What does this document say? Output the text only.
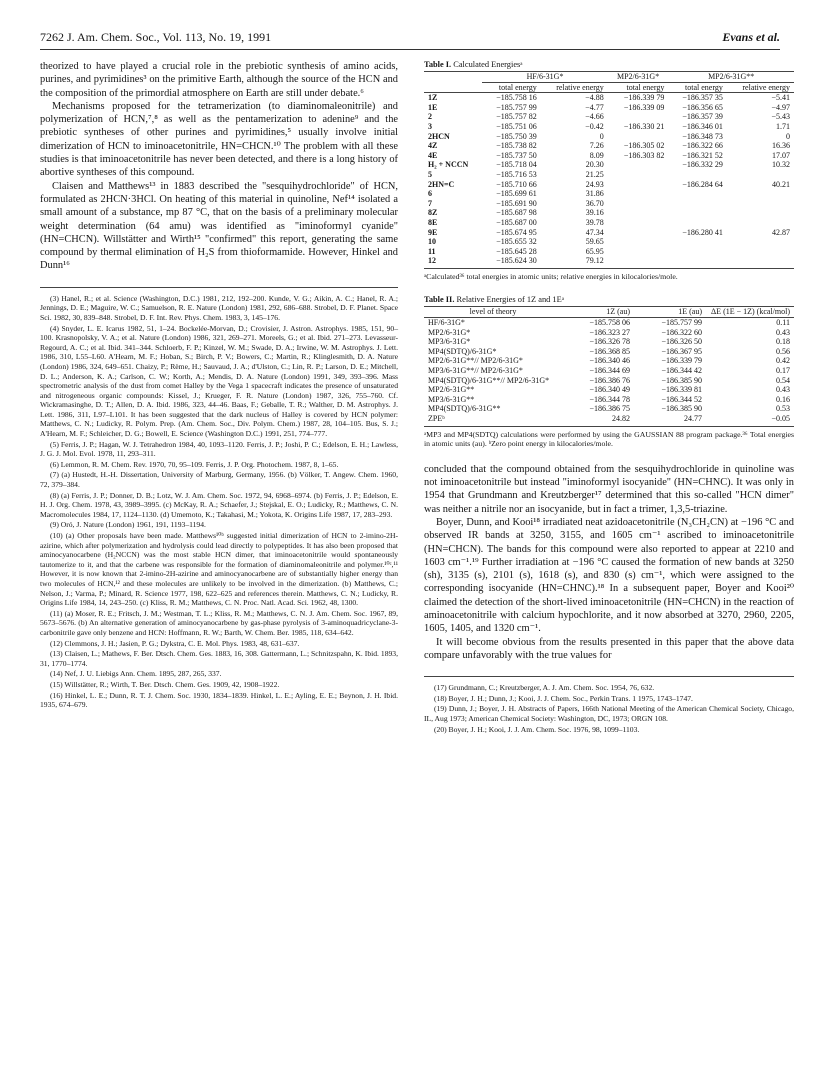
7262 J. Am. Chem. Soc., Vol. 113, No. 19, 1991	Evans et al.

theorized to have played a crucial role in the prebiotic synthesis of amino acids, purines, and pyrimidines³ on the primitive Earth, although the source of the HCN and the composition of the primordial atmosphere on Earth are still under debate.⁶

Mechanisms proposed for the tetramerization (to diaminomaleonitrile) and polymerization of HCN,⁷,⁸ as well as the pentamerization to adenine⁹ and the prebiotic syntheses of other purines and pyrimidines,⁵ usually involve initial dimerization of HCN to iminoacetonitrile, HN=CHCN.¹⁰ The problem with all these studies is that iminoacetonitrile has never been detected, and there is a long history of abortive syntheses of this compound.

Claisen and Matthews¹³ in 1883 described the "sesquihydrochloride" of HCN, formulated as 2HCN·3HCl. On heating of this material in quinoline, Nef¹⁴ isolated a small amount of a substance, mp 87 °C, that on the basis of a preliminary molecular weight determination (64 amu) was identified as "iminoformyl cyanide" (HN=CHCN). Willstätter and Wirth¹⁵ "confirmed" this report, generating the same compound by thermal elimination of H₂S from thioformamide. However, Hinkel and Dunn¹⁶

(3) Hanel, R.; et al. Science (Washington, D.C.) 1981, 212, 192–200. Kunde, V. G.; Aikin, A. C.; Hanel, R. A.; Jennings, D. E.; Maguire, W. C.; Samuelson, R. E. Nature (London) 1981, 292, 686–688. Strobel, D. F. Planet. Space Sci. 1982, 30, 839–848. Strobel, D. F. Int. Rev. Phys. Chem. 1983, 3, 145–176.

(4) Snyder, L. E. Icarus 1982, 51, 1–24. Bockelée-Morvan, D.; Crovisier, J. Astron. Astrophys. 1985, 151, 90–100. Krasnopolsky, V. A.; et al. Nature (London) 1986, 321, 269–271. Moreels, G.; et al. Ibid. 271–273. Levasseur-Regourd, A. C.; et al. Ibid. 341–344. Schloerb, F. P.; Kinzel, W. M.; Swade, D. A.; Irwine, W. M. Astrophys. J. Lett. 1986, 310, L55–L60. A'Hearn, M. F.; Hoban, S.; Birch, P. V.; Bowers, C.; Martin, R.; Klinglesmith, D. A. Nature (London) 1986, 324, 649–651. Chaizy, P.; Rème, H.; Sauvaud, J. A.; d'Ulston, C.; Lin, R. P.; Larson, D. E.; Mitchell, D. L.; Anderson, K. A.; Carlson, C. W.; Korth, A.; Mendis, D. A. Nature (London) 1991, 349, 393–396. Mass spectrometric analysis of the dust from comet Halley by the Vega 1 spacecraft indicates the presence of unsaturated and nitrogeneous organic compounds: Kissel, J.; Krueger, F. R. Nature (London) 1987, 326, 755–760. Cf. Wickramasinghe, D. T.; Allen, D. A. Ibid. 1986, 323, 44–46. Baas, F.; Geballe, T. R.; Walther, D. M. Astrophys. J. Lett. 1986, 311, L97–L101. It has been suggested that the dark nucleus of Halley is covered by HCN polymer: Matthews, C. N.; Ludicky, R. Polym. Prep. (Am. Chem. Soc., Div. Polym. Chem.) 1987, 28, 104–105. Bus, S. J.; A'Hearn, M. F.; Schleicher, D. G.; Bowell, E. Science (Washington D.C.) 1991, 251, 774–777.

(5) Ferris, J. P.; Hagan, W. J. Tetrahedron 1984, 40, 1093–1120. Ferris, J. P.; Joshi, P. C.; Edelson, E. H.; Lawless, J. G. J. Mol. Evol. 1978, 11, 293–311.

(6) Lemmon, R. M. Chem. Rev. 1970, 70, 95–109. Ferris, J. P. Org. Photochem. 1987, 8, 1–65.

(7) (a) Hustedt, H.-H. Dissertation, University of Marburg, Germany, 1956. (b) Völker, T. Angew. Chem. 1960, 72, 379–384.

(8) (a) Ferris, J. P.; Donner, D. B.; Lotz, W. J. Am. Chem. Soc. 1972, 94, 6968–6974. (b) Ferris, J. P.; Edelson, E. H. J. Org. Chem. 1978, 43, 3989–3995. (c) McKay, R. A.; Schaefer, J.; Stejskal, E. O.; Ludicky, R.; Matthews, C. N. Macromolecules 1984, 17, 1124–1130. (d) Umemoto, K.; Takahasi, M.; Yokota, K. Origins Life 1987, 17, 283–293.

(9) Oró, J. Nature (London) 1961, 191, 1193–1194.

(10) (a) Other proposals have been made. Matthews¹⁰ᵇ suggested initial dimerization of HCN to 2-imino-2H-azirine, which after polymerization and hydrolysis could lead directly to polypeptides. It has also been proposed that aminocyanocarbene (H₂NCCN) was the most stable HCN dimer, that iminoacetonitrile would spontaneously tautomerize to it, and that the carbene was responsible for the formation of diaminomaleonitrile and polymer.¹⁰ᶜ,¹¹ However, it is now known that 2-imino-2H-azirine and aminocyanocarbene are of substantially higher energy than two molecules of HCN,¹² and these molecules are unlikely to be involved in the dimerization. (b) Matthews, C.; Nelson, J.; Varma, P.; Minard, R. Science 1977, 198, 622–625 and references therein. Matthews, C. N.; Ludicky, R. Origins Life 1984, 14, 243–250. (c) Kliss, R. M.; Matthews, C. N. Proc. Natl. Acad. Sci. 1962, 48, 1300.

(11) (a) Moser, R. E.; Fritsch, J. M.; Westman, T. L.; Kliss, R. M.; Matthews, C. N. J. Am. Chem. Soc. 1967, 89, 5673–5676. (b) An alternative generation of aminocyanocarbene by gas-phase pyrolysis of 3-aminoquadricyclane-3-carbonitrile gave only benzene and HCN: Hoffmann, R. W.; Barth, W. Chem. Ber. 1985, 118, 634–642.

(12) Clemmons, J. H.; Jasien, P. G.; Dykstra, C. E. Mol. Phys. 1983, 48, 631–637.

(13) Claisen, L.; Mathews, F. Ber. Dtsch. Chem. Ges. 1883, 16, 308. Gattermann, L.; Schnitzspahn, K. Ibid. 1893, 31, 1770–1774.

(14) Nef, J. U. Liebigs Ann. Chem. 1895, 287, 265, 337.

(15) Willstätter, R.; Wirth, T. Ber. Dtsch. Chem. Ges. 1909, 42, 1908–1922.

(16) Hinkel, L. E.; Dunn, R. T. J. Chem. Soc. 1930, 1834–1839. Hinkel, L. E.; Ayling, E. E.; Beynon, J. H. Ibid. 1935, 674–679.

Table I. Calculated Energiesᵃ
	HF/6-31G*		MP2/6-31G*	MP2/6-31G**	
	total energy	relative energy	total energy	total energy	relative energy
1Z	−185.758 16	−4.88	−186.339 79	−186.357 35	−5.41
1E	−185.757 99	−4.77	−186.339 09	−186.356 65	−4.97
2	−185.757 82	−4.66		−186.357 39	−5.43
3	−185.751 06	−0.42	−186.330 21	−186.346 01	1.71
2HCN	−185.750 39	0		−186.348 73	0
4Z	−185.738 82	7.26	−186.305 02	−186.322 66	16.36
4E	−185.737 50	8.09	−186.303 82	−186.321 52	17.07
H₂ + NCCN	−185.718 04	20.30		−186.332 29	10.32
5	−185.716 53	21.25			
2HN=C	−185.710 66	24.93		−186.284 64	40.21
6	−185.699 61	31.86			
7	−185.691 90	36.70			
8Z	−185.687 98	39.16			
8E	−185.687 00	39.78			
9E	−185.674 95	47.34		−186.280 41	42.87
10	−185.655 32	59.65			
11	−185.645 28	65.95			
12	−185.624 30	79.12			
ᵃCalculated³⁶ total energies in atomic units; relative energies in kilocalories/mole.
Table II. Relative Energies of 1Z and 1Eᵃ
level of theory	1Z (au)	1E (au)	ΔE (1E − 1Z) (kcal/mol)
HF/6-31G*	−185.758 06	−185.757 99	0.11
MP2/6-31G*	−186.323 27	−186.322 60	0.43
MP3/6-31G*	−186.326 78	−186.326 50	0.18
MP4(SDTQ)/6-31G*	−186.368 85	−186.367 95	0.56
MP2/6-31G**// MP2/6-31G*	−186.340 46	−186.339 79	0.42
MP3/6-31G**// MP2/6-31G*	−186.344 69	−186.344 42	0.17
MP4(SDTQ)/6-31G**// MP2/6-31G*	−186.386 76	−186.385 90	0.54
MP2/6-31G**	−186.340 49	−186.339 81	0.43
MP3/6-31G**	−186.344 78	−186.344 52	0.16
MP4(SDTQ)/6-31G**	−186.386 75	−186.385 90	0.53
ZPEᵇ	24.82	24.77	−0.05
ᵃMP3 and MP4(SDTQ) calculations were performed by using the GAUSSIAN 88 program package.³⁶ Total energies in atomic units (au). ᵇZero point energy in kilocalories/mole.

concluded that the compound obtained from the sesquihydrochloride in quinoline was not iminoacetonitrile but instead "iminoformyl isocyanide" (HN=CHNC). It was only in 1954 that Grundmann and Kreutzberger¹⁷ determined that this so-called "HCN dimer" was neither a nitrile nor an isocyanide, but in fact a trimer, 1,3,5-triazine.

Boyer, Dunn, and Kooi¹⁸ irradiated neat azidoacetonitrile (N₃CH₂CN) at −196 °C and observed IR bands at 3250, 3155, and 1605 cm⁻¹ ascribed to iminoacetonitrile (HN=CHCN). The bands for this compound were also reported to appear at 2210 and 1603 cm⁻¹.¹⁹ Further irradiation at −196 °C caused the formation of new bands at 3250 (sh), 3135 (s), 2101 (s), 1618 (s), and 830 (s) cm⁻¹, which were assigned to the corresponding isocyanide (HN=CHNC).¹⁸ In a subsequent paper, Boyer and Kooi²⁰ claimed the detection of the short-lived iminoacetonitrile (HN=CHCN) in the reaction of aminoacetonitrile with calcium hypochlorite, and it now absorbed at 3270, 2960, 2205, 1605, 1405, and 1320 cm⁻¹.

It will become obvious from the results presented in this paper that the above data compare unfavorably with the true values for

(17) Grundmann, C.; Kreutzberger, A. J. Am. Chem. Soc. 1954, 76, 632.

(18) Boyer, J. H.; Dunn, J.; Kooi, J. J. Chem. Soc., Perkin Trans. 1 1975, 1743–1747.

(19) Dunn, J.; Boyer, J. H. Abstracts of Papers, 166th National Meeting of the American Chemical Society, Chicago, IL, Aug 1973; American Chemical Society: Washington, DC, 1973; ORGN 108.

(20) Boyer, J. H.; Kooi, J. J. Am. Chem. Soc. 1976, 98, 1099–1103.
